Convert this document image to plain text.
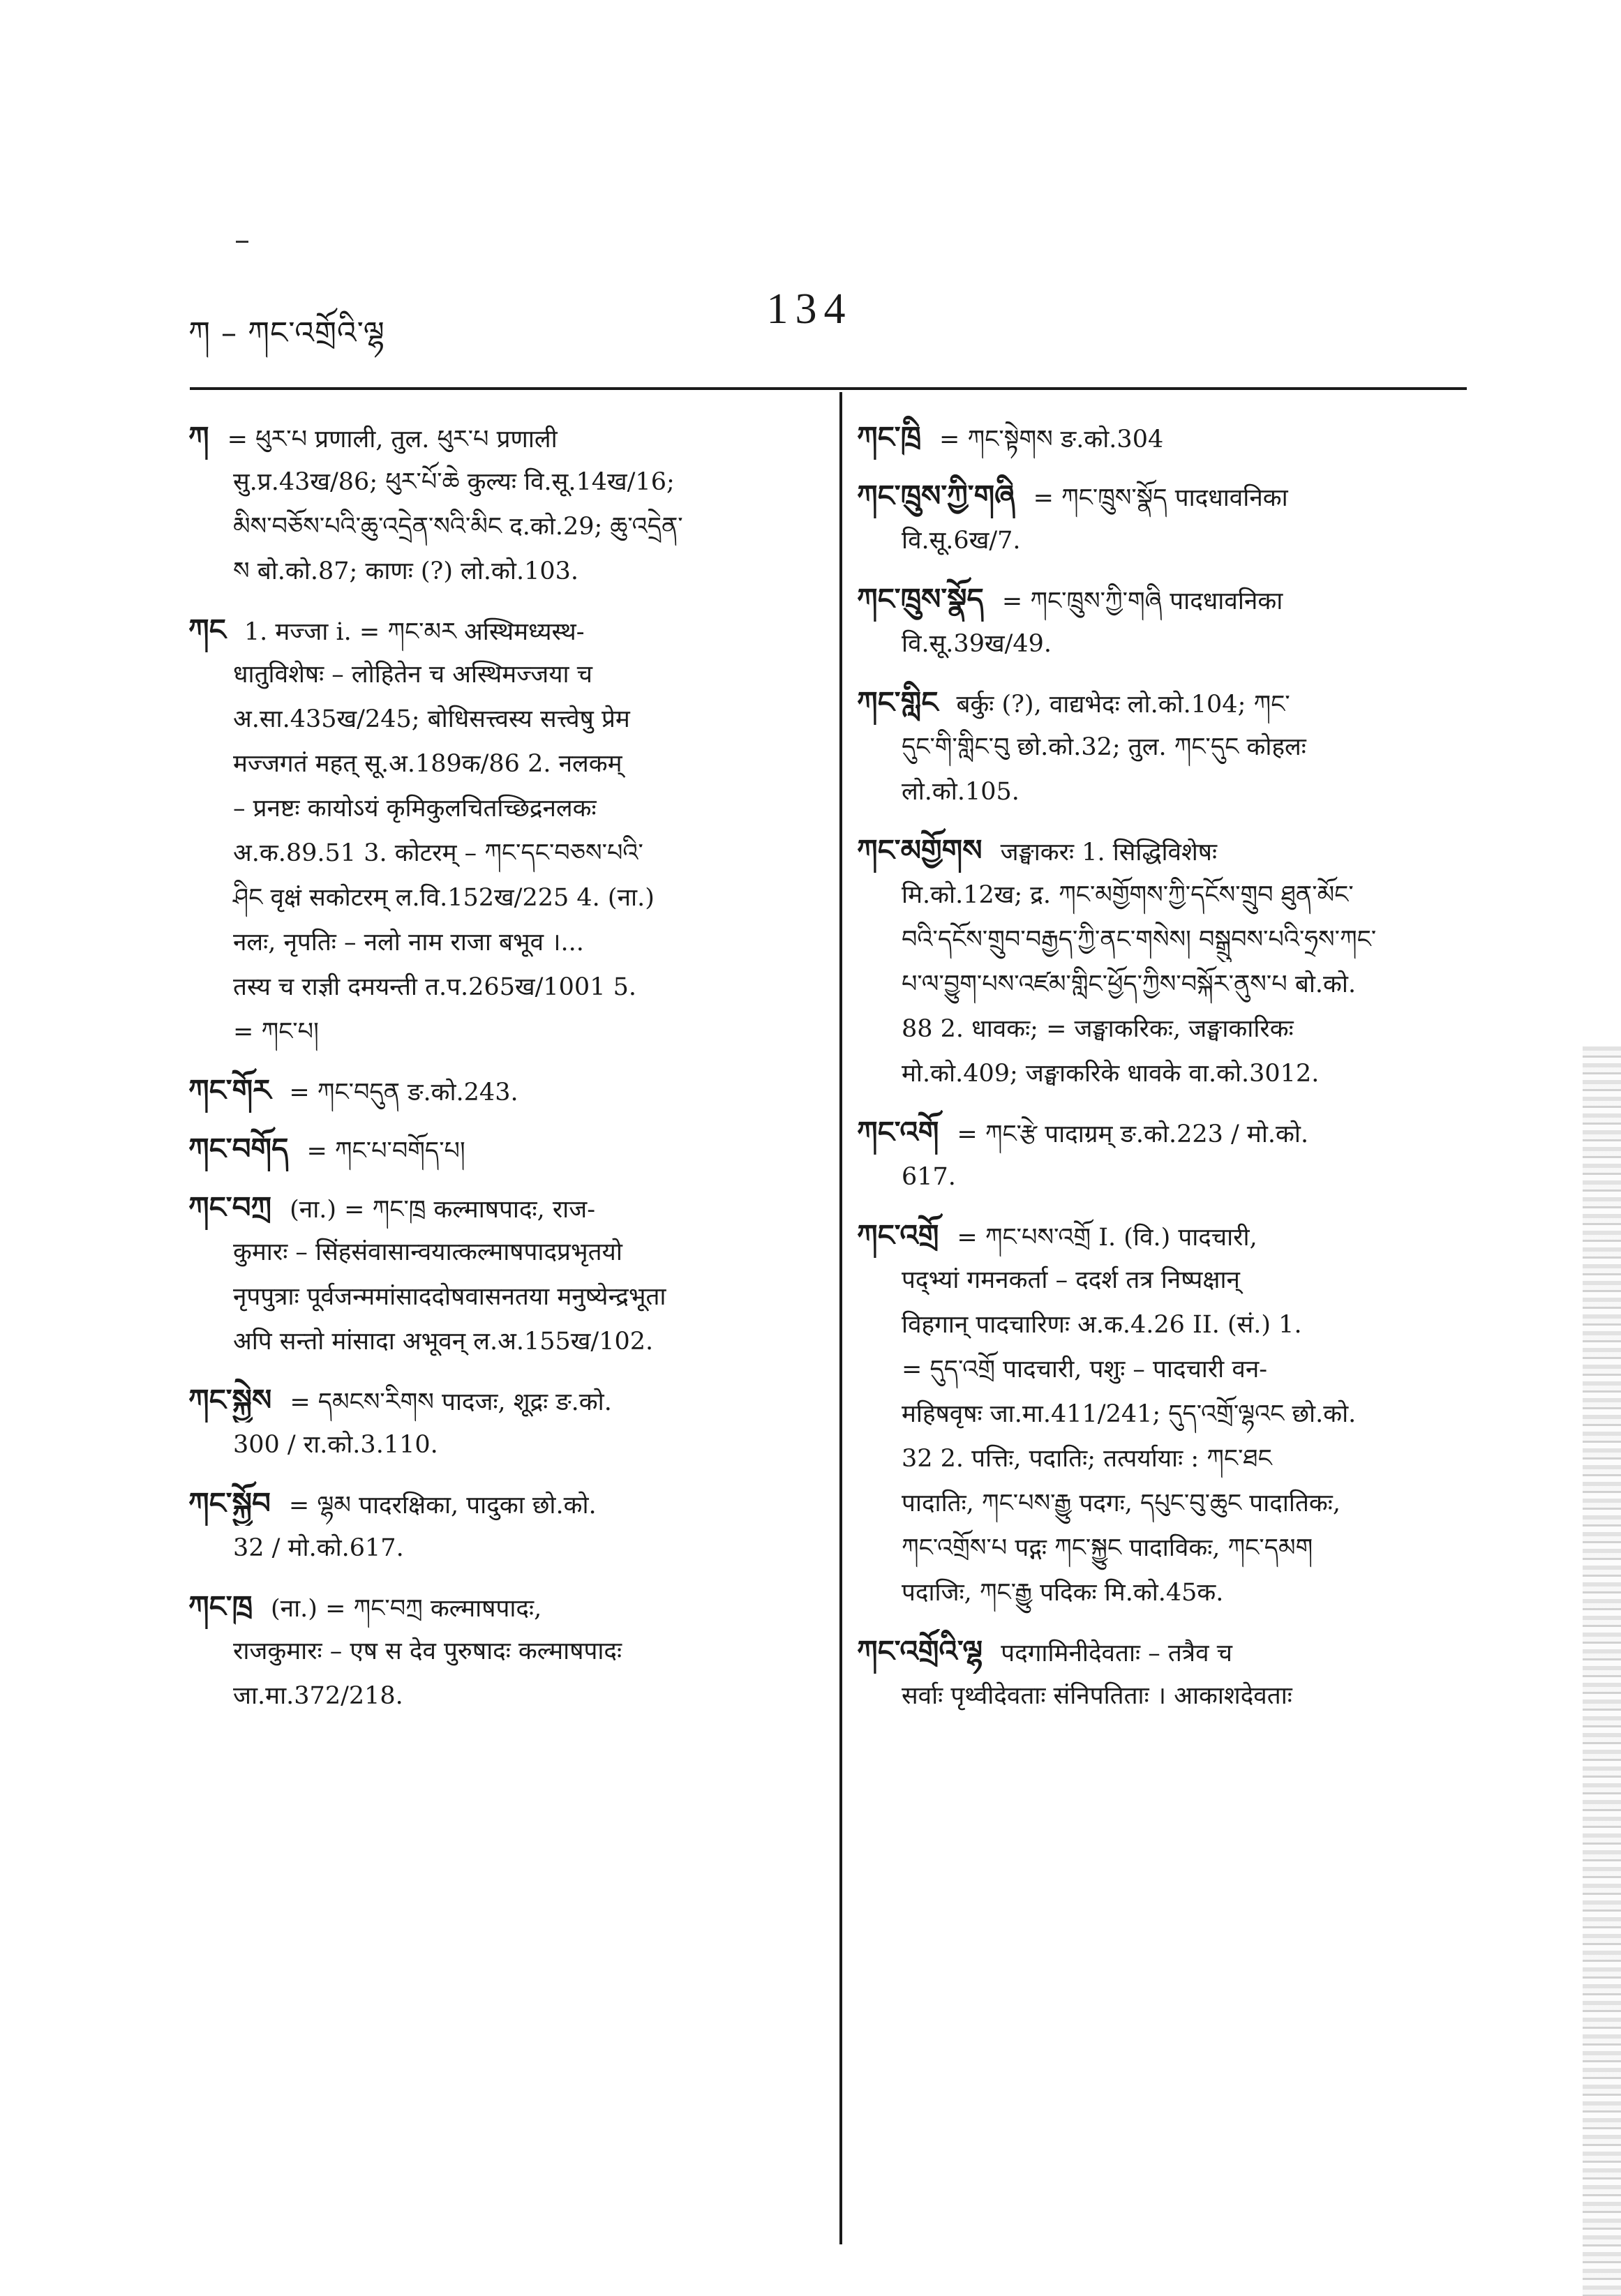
ཀ – ཀང་འགྲོའི་ལྷ
134
ཀ = ཕུར་པ प्रणाली, तुल. ཕུར་པ प्रणाली
सु.प्र.43ख/86; ཕུར་པོ་ཆེ कुल्यः वि.सू.14ख/16;
མིས་བཅོས་པའི་ཆུ་འདྲེན་སའི་མིང द.को.29; ཆུ་འདྲེན་
ས बो.को.87; काणः (?) लो.को.103.
ཀང 1. मज्जा i. = ཀང་མར अस्थिमध्यस्थ-
धातुविशेषः – लोहितेन च अस्थिमज्जया च
अ.सा.435ख/245; बोधिसत्त्वस्य सत्त्वेषु प्रेम
मज्जगतं महत् सू.अ.189क/86 2. नलकम्
– प्रनष्टः कायोऽयं कृमिकुलचितच्छिद्रनलकः
अ.क.89.51 3. कोटरम् – ཀང་དང་བཅས་པའི་
ཤིང वृक्षं सकोटरम् ल.वि.152ख/225 4. (ना.)
नलः, नृपतिः – नलो नाम राजा बभूव ।...
तस्य च राज्ञी दमयन्ती त.प.265ख/1001 5.
= ཀང་པ།
ཀང་གོར = ཀང་བདུན ङ.को.243.
ཀང་བགོད = ཀང་པ་བགོད་པ།
ཀང་བཀྲ (ना.) = ཀང་ཁྲ कल्माषपादः, राज-
कुमारः – सिंहसंवासान्वयात्कल्माषपादप्रभृतयो
नृपपुत्राः पूर्वजन्ममांसाददोषवासनतया मनुष्येन्द्रभूता
अपि सन्तो मांसादा अभूवन् ल.अ.155ख/102.
ཀང་སྐྱེས = དམངས་རིགས पादजः, शूद्रः ङ.को.
300 / रा.को.3.110.
ཀང་སྐྱོབ = ལྷམ पादरक्षिका, पादुका छो.को.
32 / मो.को.617.
ཀང་ཁྲ (ना.) = ཀང་བཀྲ कल्माषपादः,
राजकुमारः – एष स देव पुरुषादः कल्माषपादः
जा.मा.372/218.
ཀང་ཁྲི = ཀང་སྟེགས ङ.को.304
ཀང་ཁྲུས་ཀྱི་གཞི = ཀང་ཁྲུས་སྣོད पादधावनिका
वि.सू.6ख/7.
ཀང་ཁྲུས་སྣོད = ཀང་ཁྲུས་ཀྱི་གཞི पादधावनिका
वि.सू.39ख/49.
ཀང་གླིང बर्कुः (?), वाद्यभेदः लो.को.104; ཀང་
དུང་གི་གླིང་བུ छो.को.32; तुल. ཀང་དུང कोहलः
लो.को.105.
ཀང་མགྱོགས जङ्घाकरः 1. सिद्धिविशेषः
मि.को.12ख; द्र. ཀང་མགྱོགས་ཀྱི་དངོས་གྲུབ ཐུན་མོང་
བའི་དངོས་གྲུབ་བརྒྱད་ཀྱི་ནང་གསེས། བསྒྲུབས་པའི་ཧྲས་ཀང་
པ་ལ་བྱུག་པས་འཛམ་གླིང་ཕྱོད་ཀྱིས་བསྐོར་ནུས་པ बो.को.
88 2. धावकः; = जङ्घाकरिकः, जङ्घाकारिकः
मो.को.409; जङ्घाकरिके धावके वा.को.3012.
ཀང་འགོ = ཀང་རྩེ पादाग्रम् ङ.को.223 / मो.को.
617.
ཀང་འགྲོ = ཀང་པས་འགྲོ I. (वि.) पादचारी,
पद्भ्यां गमनकर्ता – ददर्श तत्र निष्पक्षान्
विहगान् पादचारिणः अ.क.4.26 II. (सं.) 1.
= དུད་འགྲོ पादचारी, पशुः – पादचारी वन-
महिषवृषः जा.मा.411/241; དུད་འགྲོ་ལྷའང छो.को.
32 2. पत्तिः, पदातिः; तत्पर्यायाः : ཀང་ཐང
पादातिः, ཀང་པས་རྒྱུ पदगः, དཔུང་བུ་ཆུང पादातिकः,
ཀང་འགྲོས་པ पद्गः ཀང་སྐྱུང पादाविकः, ཀང་དམག
पदाजिः, ཀང་རྒྱུ पदिकः मि.को.45क.
ཀང་འགྲོའི་ལྷ पदगामिनीदेवताः – तत्रैव च
सर्वाः पृथ्वीदेवताः संनिपतिताः । आकाशदेवताः
